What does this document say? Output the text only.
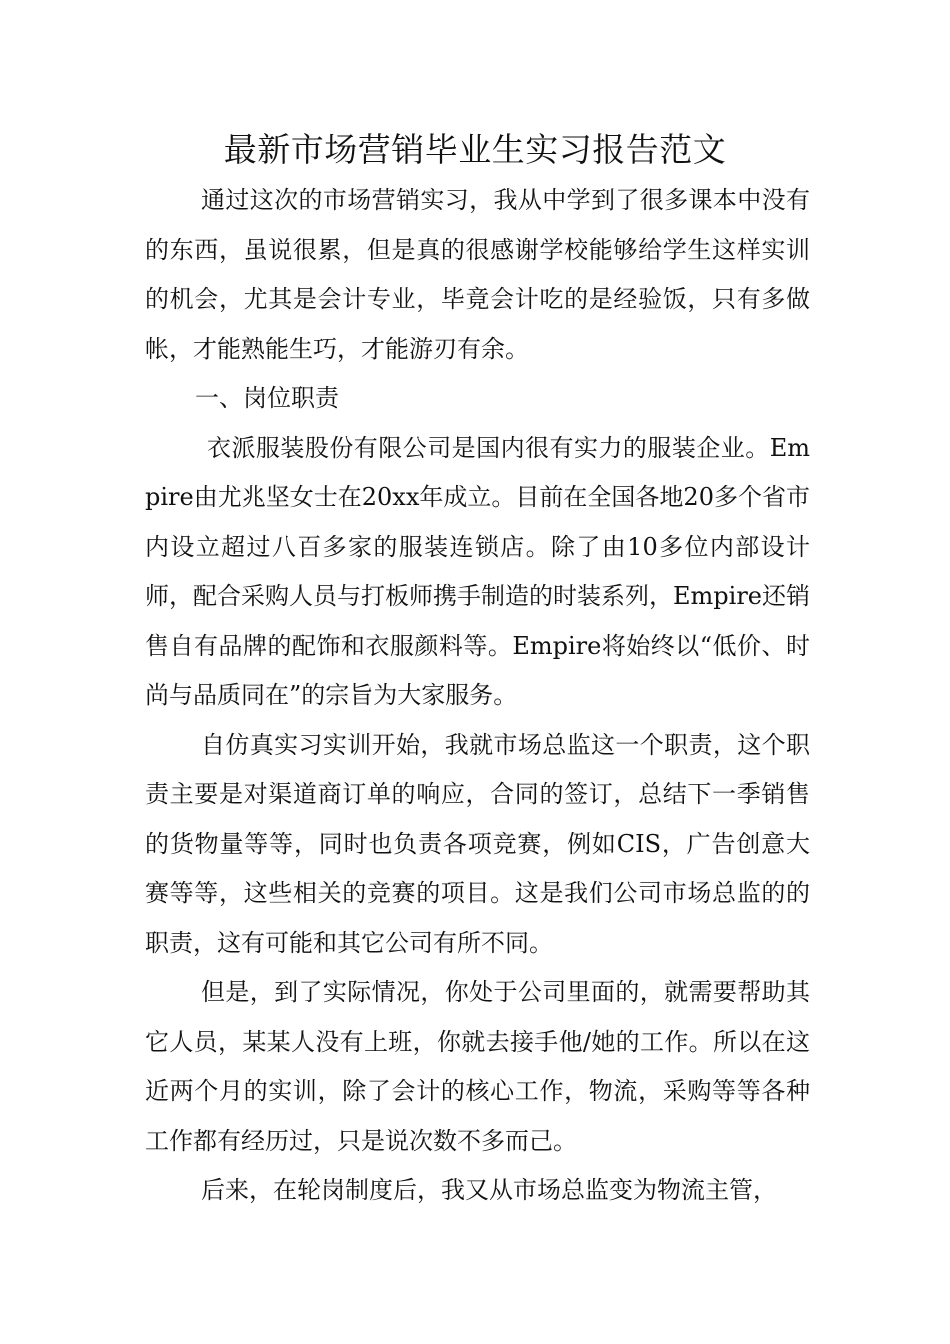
最新市场营销毕业生实习报告范文

通过这次的市场营销实习，我从中学到了很多课本中没有的东西，虽说很累，但是真的很感谢学校能够给学生这样实训的机会，尤其是会计专业，毕竟会计吃的是经验饭，只有多做帐，才能熟能生巧，才能游刃有余。

一、岗位职责

衣派服装股份有限公司是国内很有实力的服装企业。Empire由尤兆坚女士在20xx年成立。目前在全国各地20多个省市内设立超过八百多家的服装连锁店。除了由10多位内部设计师，配合采购人员与打板师携手制造的时装系列，Empire还销售自有品牌的配饰和衣服颜料等。Empire将始终以“低价、时尚与品质同在”的宗旨为大家服务。

自仿真实习实训开始，我就市场总监这一个职责，这个职责主要是对渠道商订单的响应，合同的签订，总结下一季销售的货物量等等，同时也负责各项竞赛，例如CIS，广告创意大赛等等，这些相关的竞赛的项目。这是我们公司市场总监的的职责，这有可能和其它公司有所不同。

但是，到了实际情况，你处于公司里面的，就需要帮助其它人员，某某人没有上班，你就去接手他/她的工作。所以在这近两个月的实训，除了会计的核心工作，物流，采购等等各种工作都有经历过，只是说次数不多而己。

后来，在轮岗制度后，我又从市场总监变为物流主管，
